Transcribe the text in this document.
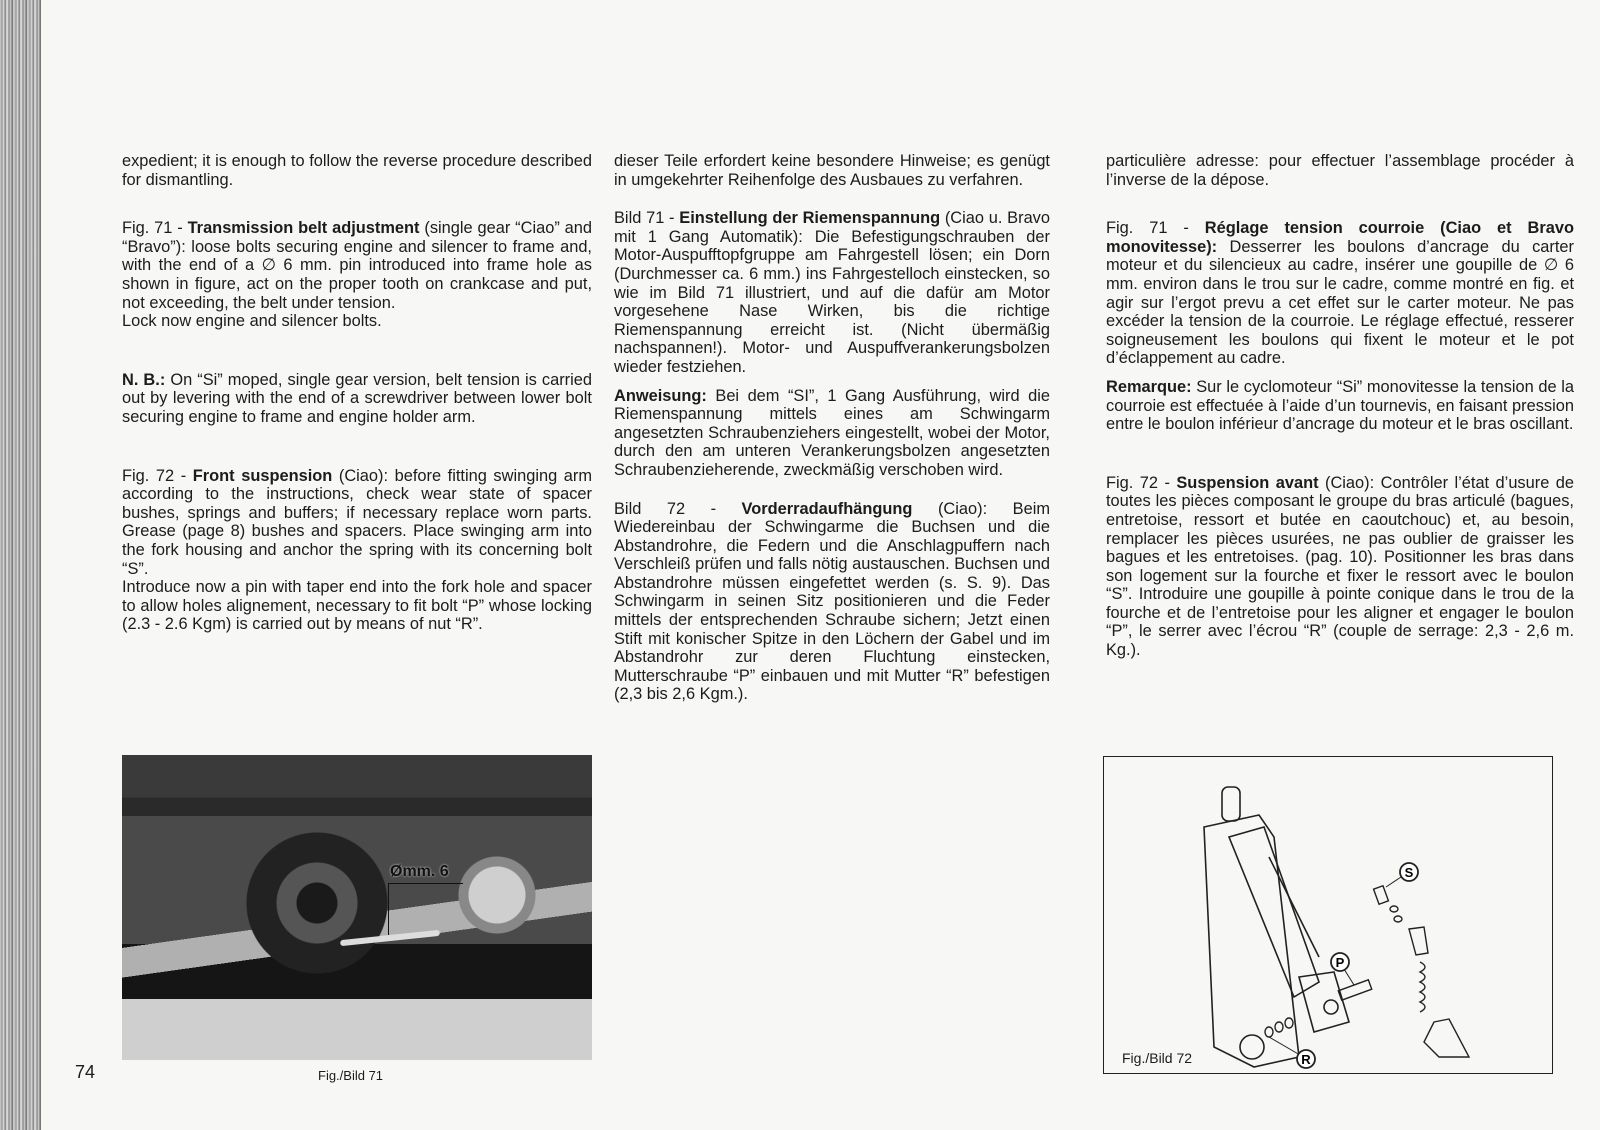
expedient; it is enough to follow the reverse procedure described for dismantling.

Fig. 71 - Transmission belt adjustment (single gear “Ciao” and “Bravo”): loose bolts securing engine and silencer to frame and, with the end of a ∅ 6 mm. pin introduced into frame hole as shown in figure, act on the proper tooth on crankcase and put, not exceeding, the belt under tension.

Lock now engine and silencer bolts.

N. B.: On “Si” moped, single gear version, belt tension is carried out by levering with the end of a screwdriver between lower bolt securing engine to frame and engine holder arm.

Fig. 72 - Front suspension (Ciao): before fitting swinging arm according to the instructions, check wear state of spacer bushes, springs and buffers; if necessary replace worn parts. Grease (page 8) bushes and spacers. Place swinging arm into the fork housing and anchor the spring with its concerning bolt “S”.

Introduce now a pin with taper end into the fork hole and spacer to allow holes alignement, necessary to fit bolt “P” whose locking (2.3 - 2.6 Kgm) is carried out by means of nut “R”.

dieser Teile erfordert keine besondere Hinweise; es genügt in umgekehrter Reihenfolge des Ausbaues zu verfahren.

Bild 71 - Einstellung der Riemenspannung (Ciao u. Bravo mit 1 Gang Automatik): Die Befestigungschrauben der Motor-Auspufftopfgruppe am Fahrgestell lösen; ein Dorn (Durchmesser ca. 6 mm.) ins Fahrgestelloch einstecken, so wie im Bild 71 illustriert, und auf die dafür am Motor vorgesehene Nase Wirken, bis die richtige Riemenspannung erreicht ist. (Nicht übermäßig nachspannen!). Motor- und Auspuffverankerungsbolzen wieder festziehen.

Anweisung: Bei dem “SI”, 1 Gang Ausführung, wird die Riemenspannung mittels eines am Schwingarm angesetzten Schraubenziehers eingestellt, wobei der Motor, durch den am unteren Verankerungsbolzen angesetzten Schraubenzieherende, zweckmäßig verschoben wird.

Bild 72 - Vorderradaufhängung (Ciao): Beim Wiedereinbau der Schwingarme die Buchsen und die Abstandrohre, die Federn und die Anschlagpuffern nach Verschleiß prüfen und falls nötig austauschen. Buchsen und Abstandrohre müssen eingefettet werden (s. S. 9). Das Schwingarm in seinen Sitz positionieren und die Feder mittels der entsprechenden Schraube sichern; Jetzt einen Stift mit konischer Spitze in den Löchern der Gabel und im Abstandrohr zur deren Fluchtung einstecken, Mutterschraube “P” einbauen und mit Mutter “R” befestigen (2,3 bis 2,6 Kgm.).

particulière adresse: pour effectuer l’assemblage procéder à l’inverse de la dépose.

Fig. 71 - Réglage tension courroie (Ciao et Bravo monovitesse): Desserrer les boulons d’ancrage du carter moteur et du silencieux au cadre, insérer une goupille de ∅ 6 mm. environ dans le trou sur le cadre, comme montré en fig. et agir sur l’ergot prevu a cet effet sur le carter moteur. Ne pas excéder la tension de la courroie. Le réglage effectué, resserer soigneusement les boulons qui fixent le moteur et le pot d’éclappement au cadre.

Remarque: Sur le cyclomoteur “Si” monovitesse la tension de la courroie est effectuée à l’aide d’un tournevis, en faisant pression entre le boulon inférieur d’ancrage du moteur et le bras oscillant.

Fig. 72 - Suspension avant (Ciao): Contrôler l’état d’usure de toutes les pièces composant le groupe du bras articulé (bagues, entretoise, ressort et butée en caoutchouc) et, au besoin, remplacer les pièces usurées, ne pas oublier de graisser les bagues et les entretoises. (pag. 10). Positionner les bras dans son logement sur la fourche et fixer le ressort avec le boulon “S”. Introduire une goupille à pointe conique dans le trou de la fourche et de l’entretoise pour les aligner et engager le boulon “P”, le serrer avec l’écrou “R” (couple de serrage: 2,3 - 2,6 m. Kg.).

Ømm. 6
Fig./Bild 71
S
P
R
Fig./Bild 72
74
